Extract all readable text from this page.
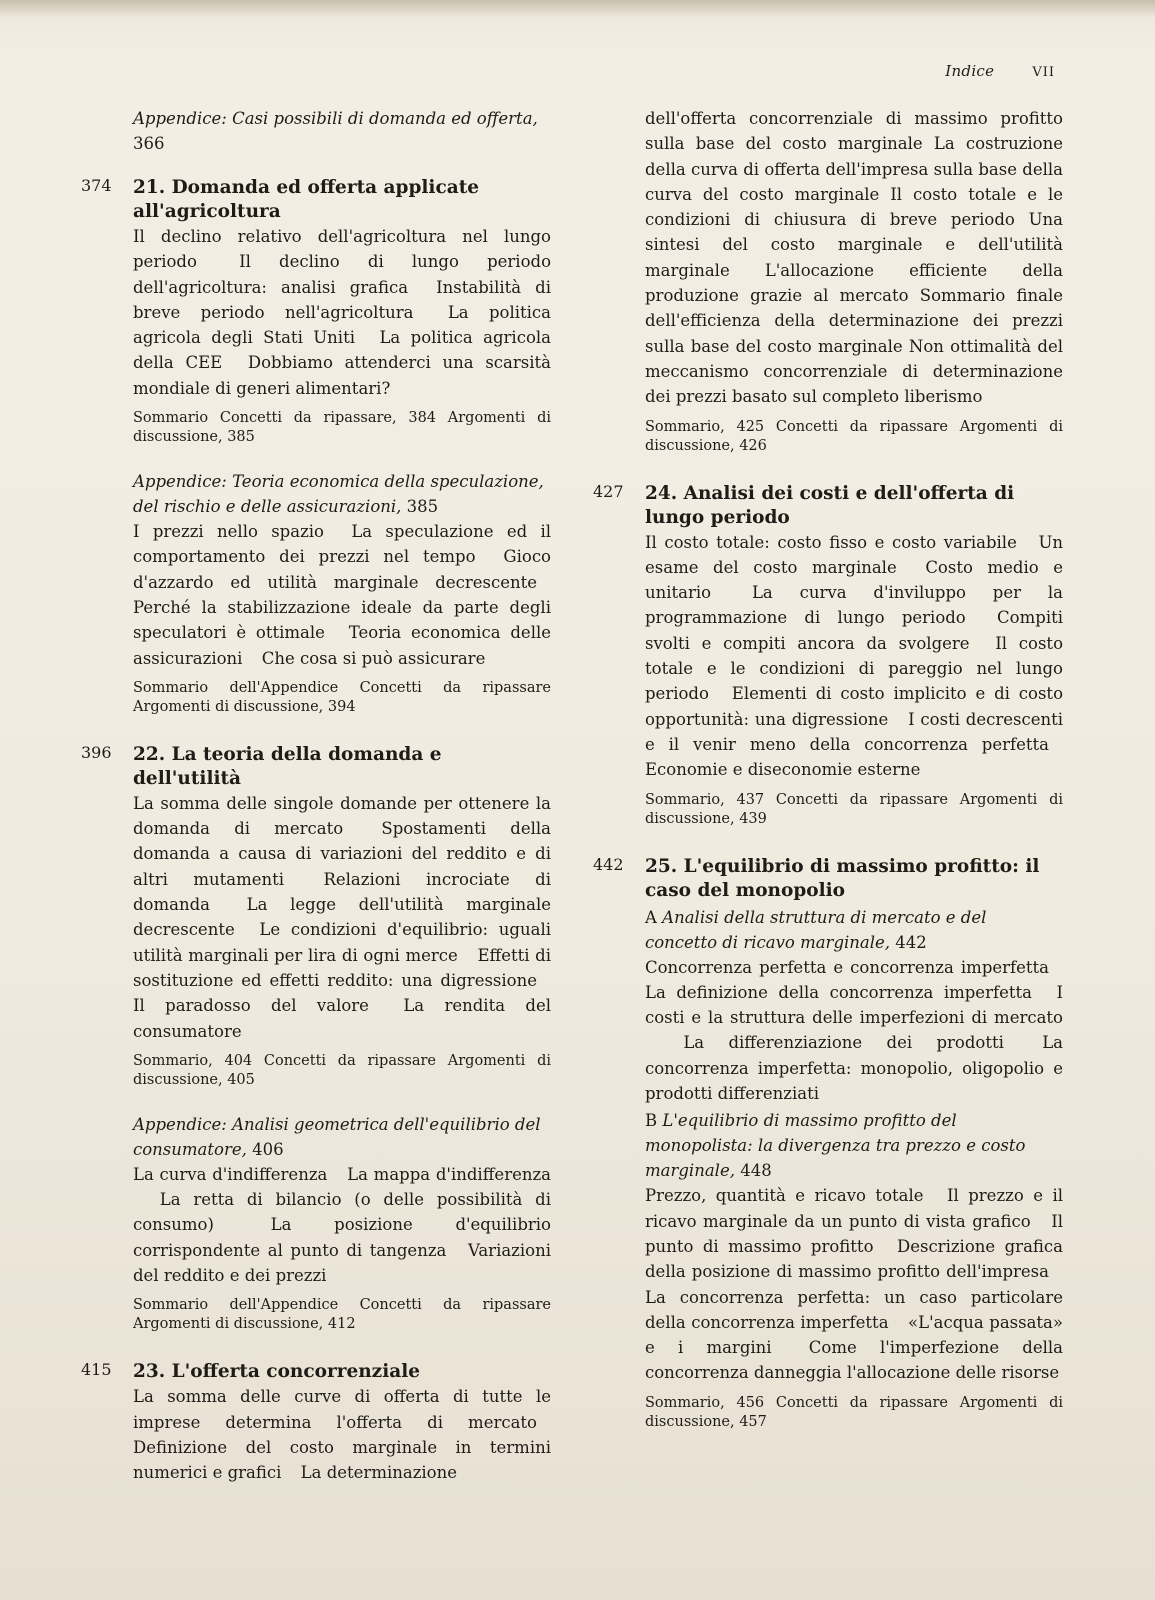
Indice	VII
Appendice: Casi possibili di domanda ed offerta, 366
374 21. Domanda ed offerta applicate all'agricoltura
Il declino relativo dell'agricoltura nel lungo periodo	Il declino di lungo periodo dell'agricoltura: analisi grafica Instabilità di breve periodo nell'agricoltura La politica agricola degli Stati Uniti La politica agricola della CEE Dobbiamo attenderci una scarsità mondiale di generi alimentari?
Sommario Concetti da ripassare, 384 Argomenti di discussione, 385
Appendice: Teoria economica della speculazione, del rischio e delle assicurazioni, 385
I prezzi nello spazio La speculazione ed il comportamento dei prezzi nel tempo Gioco d'azzardo ed utilità marginale decrescente Perché la stabilizzazione ideale da parte degli speculatori è ottimale Teoria economica delle assicurazioni Che cosa si può assicurare
Sommario dell'Appendice Concetti da ripassare Argomenti di discussione, 394
396 22. La teoria della domanda e dell'utilità
La somma delle singole domande per ottenere la domanda di mercato Spostamenti della domanda a causa di variazioni del reddito e di altri mutamenti Relazioni incrociate di domanda La legge dell'utilità marginale decrescente Le condizioni d'equilibrio: uguali utilità marginali per lira di ogni merce Effetti di sostituzione ed effetti reddito: una digressione Il paradosso del valore La rendita del consumatore
Sommario, 404 Concetti da ripassare Argomenti di discussione, 405
Appendice: Analisi geometrica dell'equilibrio del consumatore, 406
La curva d'indifferenza La mappa d'indifferenza La retta di bilancio (o delle possibilità di consumo)	La posizione d'equilibrio corrispondente al punto di tangenza Variazioni del reddito e dei prezzi
Sommario dell'Appendice Concetti da ripassare Argomenti di discussione, 412
415 23. L'offerta concorrenziale
La somma delle curve di offerta di tutte le imprese determina l'offerta di mercato Definizione del costo marginale in termini numerici e grafici La determinazione
dell'offerta concorrenziale di massimo profitto sulla base del costo marginale La costruzione della curva di offerta dell'impresa sulla base della curva del costo marginale Il costo totale e le condizioni di chiusura di breve periodo Una sintesi del costo marginale e dell'utilità marginale L'allocazione efficiente della produzione grazie al mercato Sommario finale dell'efficienza della determinazione dei prezzi sulla base del costo marginale Non ottimalità del meccanismo concorrenziale di determinazione dei prezzi basato sul completo liberismo
Sommario, 425 Concetti da ripassare Argomenti di discussione, 426
427 24. Analisi dei costi e dell'offerta di lungo periodo
Il costo totale: costo fisso e costo variabile Un esame del costo marginale Costo medio e unitario La curva d'inviluppo per la programmazione di lungo periodo Compiti svolti e compiti ancora da svolgere Il costo totale e le condizioni di pareggio nel lungo periodo Elementi di costo implicito e di costo opportunità: una digressione I costi decrescenti e il venir meno della concorrenza perfetta Economie e diseconomie esterne
Sommario, 437 Concetti da ripassare Argomenti di discussione, 439
442 25. L'equilibrio di massimo profitto: il caso del monopolio
A Analisi della struttura di mercato e del concetto di ricavo marginale, 442
Concorrenza perfetta e concorrenza imperfetta La definizione della concorrenza imperfetta I costi e la struttura delle imperfezioni di mercato La differenziazione dei prodotti La concorrenza imperfetta: monopolio, oligopolio e prodotti differenziati
B L'equilibrio di massimo profitto del monopolista: la divergenza tra prezzo e costo marginale, 448
Prezzo, quantità e ricavo totale Il prezzo e il ricavo marginale da un punto di vista grafico Il punto di massimo profitto Descrizione grafica della posizione di massimo profitto dell'impresa La concorrenza perfetta: un caso particolare della concorrenza imperfetta «L'acqua passata» e i margini Come l'imperfezione della concorrenza danneggia l'allocazione delle risorse
Sommario, 456 Concetti da ripassare Argomenti di discussione, 457
